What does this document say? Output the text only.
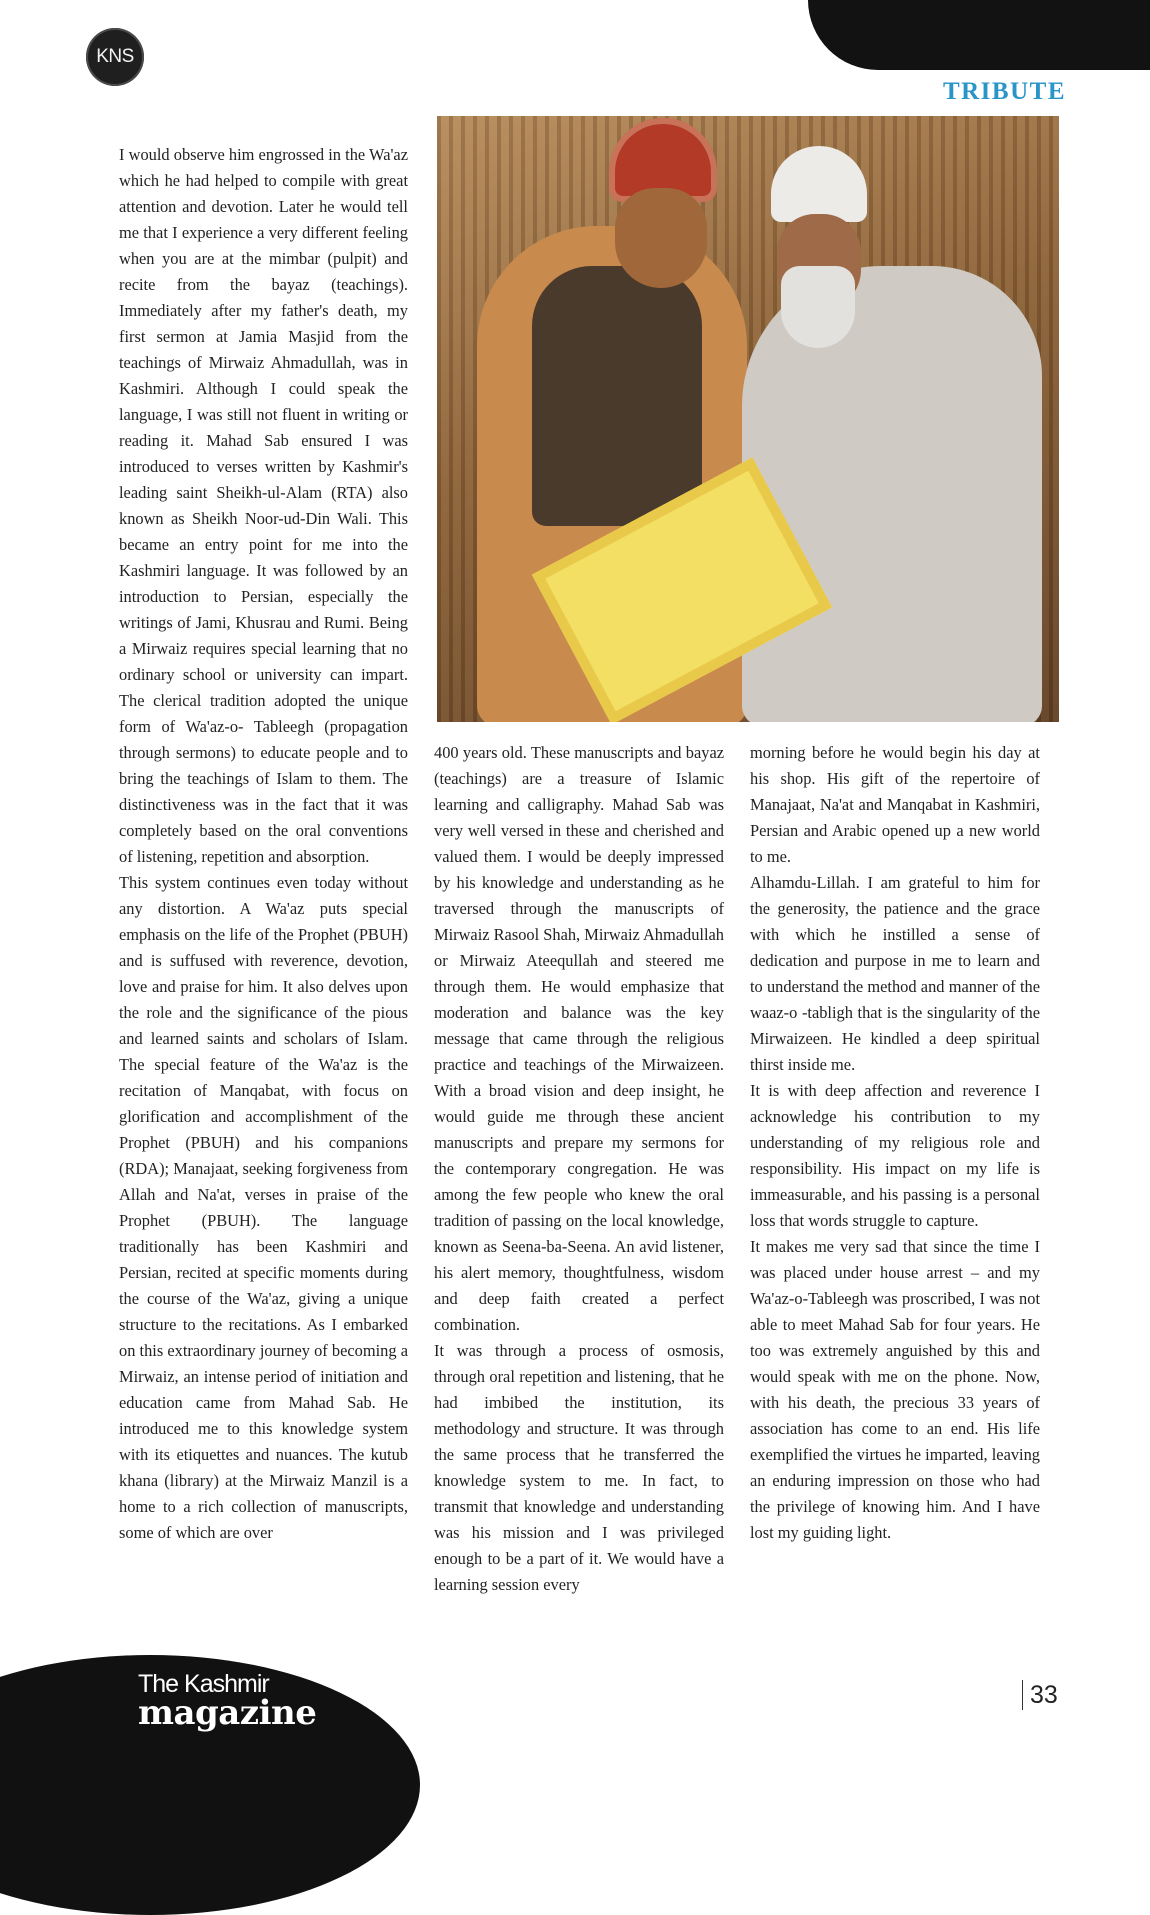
KNS
TRIBUTE

I would observe him engrossed in the Wa'az which he had helped to compile with great attention and devotion. Later he would tell me that I experience a very different feeling when you are at the mimbar (pulpit) and recite from the bayaz (teachings). Immediately after my father's death, my first sermon at Jamia Masjid from the teachings of Mirwaiz Ahmadullah, was in Kashmiri. Although I could speak the language, I was still not fluent in writing or reading it. Mahad Sab ensured I was introduced to verses written by Kashmir's leading saint Sheikh-ul-Alam (RTA) also known as Sheikh Noor-ud-Din Wali. This became an entry point for me into the Kashmiri language. It was followed by an introduction to Persian, especially the writings of Jami, Khusrau and Rumi. Being a Mirwaiz requires special learning that no ordinary school or university can impart. The clerical tradition adopted the unique form of Wa'az-o- Tableegh (propagation through sermons) to educate people and to bring the teachings of Islam to them. The distinctiveness was in the fact that it was completely based on the oral conventions of listening, repetition and absorption.

This system continues even today without any distortion. A Wa'az puts special emphasis on the life of the Prophet (PBUH) and is suffused with reverence, devotion, love and praise for him. It also delves upon the role and the significance of the pious and learned saints and scholars of Islam. The special feature of the Wa'az is the recitation of Manqabat, with focus on glorification and accomplishment of the Prophet (PBUH) and his companions (RDA); Manajaat, seeking forgiveness from Allah and Na'at, verses in praise of the Prophet (PBUH). The language traditionally has been Kashmiri and Persian, recited at specific moments during the course of the Wa'az, giving a unique structure to the recitations. As I embarked on this extraordinary journey of becoming a Mirwaiz, an intense period of initiation and education came from Mahad Sab. He introduced me to this knowledge system with its etiquettes and nuances. The kutub khana (library) at the Mirwaiz Manzil is a home to a rich collection of manuscripts, some of which are over

400 years old. These manuscripts and bayaz (teachings) are a treasure of Islamic learning and calligraphy. Mahad Sab was very well versed in these and cherished and valued them. I would be deeply impressed by his knowledge and understanding as he traversed through the manuscripts of Mirwaiz Rasool Shah, Mirwaiz Ahmadullah or Mirwaiz Ateequllah and steered me through them. He would emphasize that moderation and balance was the key message that came through the religious practice and teachings of the Mirwaizeen. With a broad vision and deep insight, he would guide me through these ancient manuscripts and prepare my sermons for the contemporary congregation. He was among the few people who knew the oral tradition of passing on the local knowledge, known as Seena-ba-Seena. An avid listener, his alert memory, thoughtfulness, wisdom and deep faith created a perfect combination.

It was through a process of osmosis, through oral repetition and listening, that he had imbibed the institution, its methodology and structure. It was through the same process that he transferred the knowledge system to me. In fact, to transmit that knowledge and understanding was his mission and I was privileged enough to be a part of it. We would have a learning session every

morning before he would begin his day at his shop. His gift of the repertoire of Manajaat, Na'at and Manqabat in Kashmiri, Persian and Arabic opened up a new world to me.

Alhamdu-Lillah. I am grateful to him for the generosity, the patience and the grace with which he instilled a sense of dedication and purpose in me to learn and to understand the method and manner of the waaz-o -tabligh that is the singularity of the Mirwaizeen. He kindled a deep spiritual thirst inside me.

It is with deep affection and reverence I acknowledge his contribution to my understanding of my religious role and responsibility. His impact on my life is immeasurable, and his passing is a personal loss that words struggle to capture.

It makes me very sad that since the time I was placed under house arrest – and my Wa'az-o-Tableegh was proscribed, I was not able to meet Mahad Sab for four years. He too was extremely anguished by this and would speak with me on the phone. Now, with his death, the precious 33 years of association has come to an end. His life exemplified the virtues he imparted, leaving an enduring impression on those who had the privilege of knowing him. And I have lost my guiding light.

The Kashmir
magazine	33
